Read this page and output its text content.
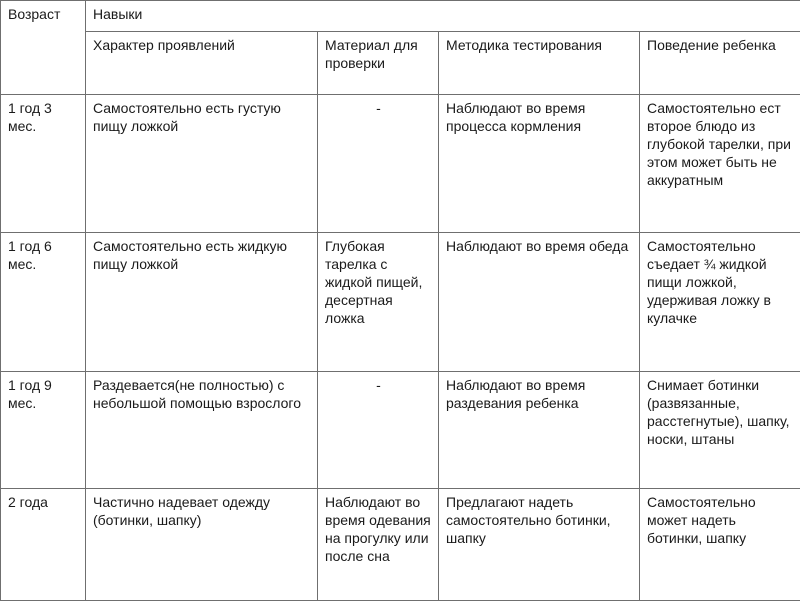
Возраст	Навыки			
	Характер проявлений	Материал для проверки	Методика тестирования	Поведение ребенка
1 год 3 мес.	Самостоятельно есть густую пищу ложкой	-	Наблюдают во время процесса кормления	Самостоятельно ест второе блюдо из глубокой тарелки, при этом может быть не аккуратным
1 год 6 мес.	Самостоятельно есть жидкую пищу ложкой	Глубокая тарелка с жидкой пищей, десертная ложка	Наблюдают во время обеда	Самостоятельно съедает ¾ жидкой пищи ложкой, удерживая ложку в кулачке
1 год 9 мес.	Раздевается(не полностью) с небольшой помощью взрослого	-	Наблюдают во время раздевания ребенка	Снимает ботинки (развязанные, расстегнутые), шапку, носки, штаны
2 года	Частично надевает одежду (ботинки, шапку)	Наблюдают во время одевания на прогулку или после сна	Предлагают надеть самостоятельно ботинки, шапку	Самостоятельно может надеть ботинки, шапку
